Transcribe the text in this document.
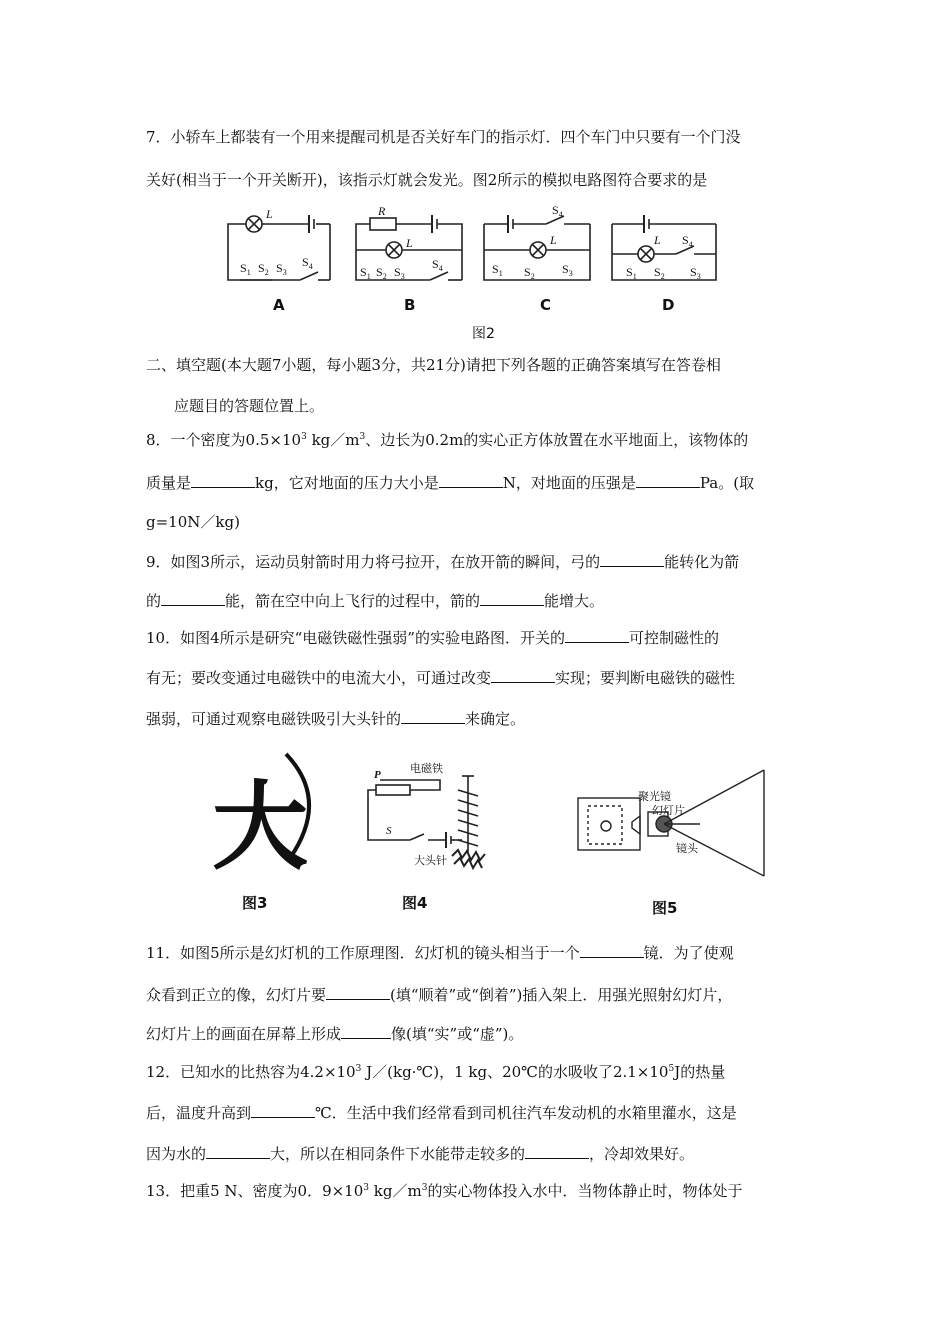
7．小轿车上都装有一个用来提醒司机是否关好车门的指示灯．四个车门中只要有一个门没
关好(相当于一个开关断开)，该指示灯就会发光。图2所示的模拟电路图符合要求的是
L
$S_1$ $S_2$ $S_3$
$S_4$
R
L
$S_1$ $S_2$ $S_3$
$S_4$
$S_4$
L
$S_1$ $S_2$
$S_3$
L $S_4$
$S_1$ $S_2$ $S_3$
A	B	C	D
图2
二、填空题(本大题7小题，每小题3分，共21分)请把下列各题的正确答案填写在答卷相
应题目的答题位置上。
8．一个密度为$0.5\times 10^3$ $kg/m^3$、边长为0.2m的实心正方体放置在水平地面上，该物体的
质量是	kg，它对地面的压力大小是	N，对地面的压强是	Pa。(取
g=10N／kg)
9．如图3所示，运动员射箭时用力将弓拉开，在放开箭的瞬间，弓的	能转化为箭
的	能，箭在空中向上飞行的过程中，箭的	能增大。
10．如图4所示是研究“电磁铁磁性强弱”的实验电路图．开关的	可控制磁性的
有无；要改变通过电磁铁中的电流大小，可通过改变	实现；要判断电磁铁的磁性
强弱，可通过观察电磁铁吸引大头针的	来确定。
大	P	电磁铁
S
大头针
聚光镜
幻灯片
镜头
图3	图4	图5
11．如图5所示是幻灯机的工作原理图．幻灯机的镜头相当于一个	镜．为了使观
众看到正立的像，幻灯片要	(填“顺着”或“倒着”)插入架上．用强光照射幻灯片，
幻灯片上的画面在屏幕上形成	像(填“实”或“虚”)。
12．已知水的比热容为$4.2\times 10^3$ J／(kg·℃)，1 kg、20℃的水吸收了$2.1\times 10^5J$的热量
后，温度升高到	℃．生活中我们经常看到司机往汽车发动机的水箱里灌水，这是
因为水的	大，所以在相同条件下水能带走较多的	，冷却效果好。
13．把重5 N、密度为0．$9\times 10^3$ $kg/m^3$的实心物体投入水中．当物体静止时，物体处于
